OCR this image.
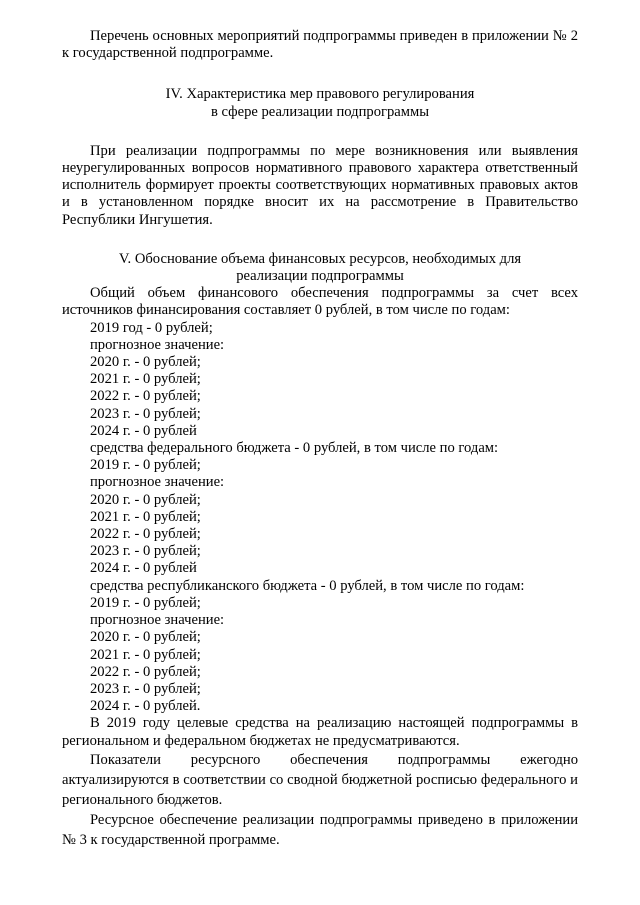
Перечень основных мероприятий подпрограммы приведен в приложении № 2 к государственной подпрограмме.

IV. Характеристика мер правового регулирования

в сфере реализации подпрограммы

При реализации подпрограммы по мере возникновения или выявления неурегулированных вопросов нормативного правового характера ответственный исполнитель формирует проекты соответствующих нормативных правовых актов и в установленном порядке вносит их на рассмотрение в Правительство Республики Ингушетия.

V. Обоснование объема финансовых ресурсов, необходимых для

реализации подпрограммы

Общий объем финансового обеспечения подпрограммы за счет всех источников финансирования составляет 0 рублей, в том числе по годам:

2019 год - 0 рублей;

прогнозное значение:

2020 г. - 0 рублей;

2021 г. - 0 рублей;

2022 г. - 0 рублей;

2023 г. - 0 рублей;

2024 г. - 0 рублей

средства федерального бюджета - 0 рублей, в том числе по годам:

2019 г. - 0 рублей;

прогнозное значение:

2020 г. - 0 рублей;

2021 г. - 0 рублей;

2022 г. - 0 рублей;

2023 г. - 0 рублей;

2024 г. - 0 рублей

средства республиканского бюджета - 0 рублей, в том числе по годам:

2019 г. - 0 рублей;

прогнозное значение:

2020 г. - 0 рублей;

2021 г. - 0 рублей;

2022 г. - 0 рублей;

2023 г. - 0 рублей;

2024 г. - 0 рублей.

В 2019 году целевые средства на реализацию настоящей подпрограммы в региональном и федеральном бюджетах не предусматриваются.

Показатели ресурсного обеспечения подпрограммы ежегодно актуализируются в соответствии со сводной бюджетной росписью федерального и регионального бюджетов.

Ресурсное обеспечение реализации подпрограммы приведено в приложении № 3 к государственной программе.
